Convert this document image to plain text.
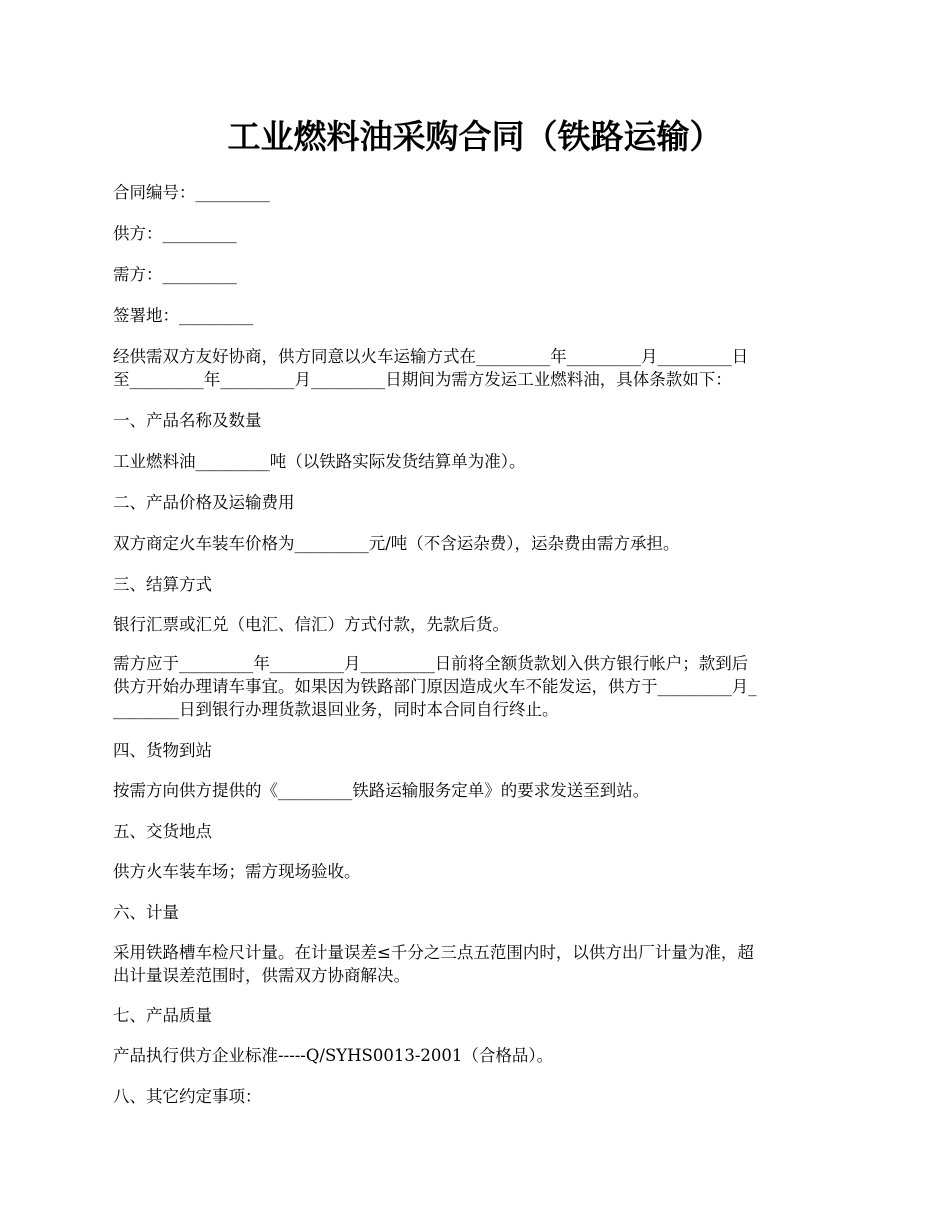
工业燃料油采购合同（铁路运输）
合同编号：_________
供方：_________
需方：_________
签署地：_________
经供需双方友好协商，供方同意以火车运输方式在_________年_________月_________日
至_________年_________月_________日期间为需方发运工业燃料油，具体条款如下：
一、产品名称及数量
工业燃料油_________吨（以铁路实际发货结算单为准）。
二、产品价格及运输费用
双方商定火车装车价格为_________元/吨（不含运杂费），运杂费由需方承担。
三、结算方式
银行汇票或汇兑（电汇、信汇）方式付款，先款后货。
需方应于_________年_________月_________日前将全额货款划入供方银行帐户；款到后
供方开始办理请车事宜。如果因为铁路部门原因造成火车不能发运，供方于_________月_
________日到银行办理货款退回业务，同时本合同自行终止。
四、货物到站
按需方向供方提供的《_________铁路运输服务定单》的要求发送至到站。
五、交货地点
供方火车装车场；需方现场验收。
六、计量
采用铁路槽车检尺计量。在计量误差≤千分之三点五范围内时，以供方出厂计量为准，超
出计量误差范围时，供需双方协商解决。
七、产品质量
产品执行供方企业标准-----Q/SYHS0013-2001（合格品）。
八、其它约定事项：
